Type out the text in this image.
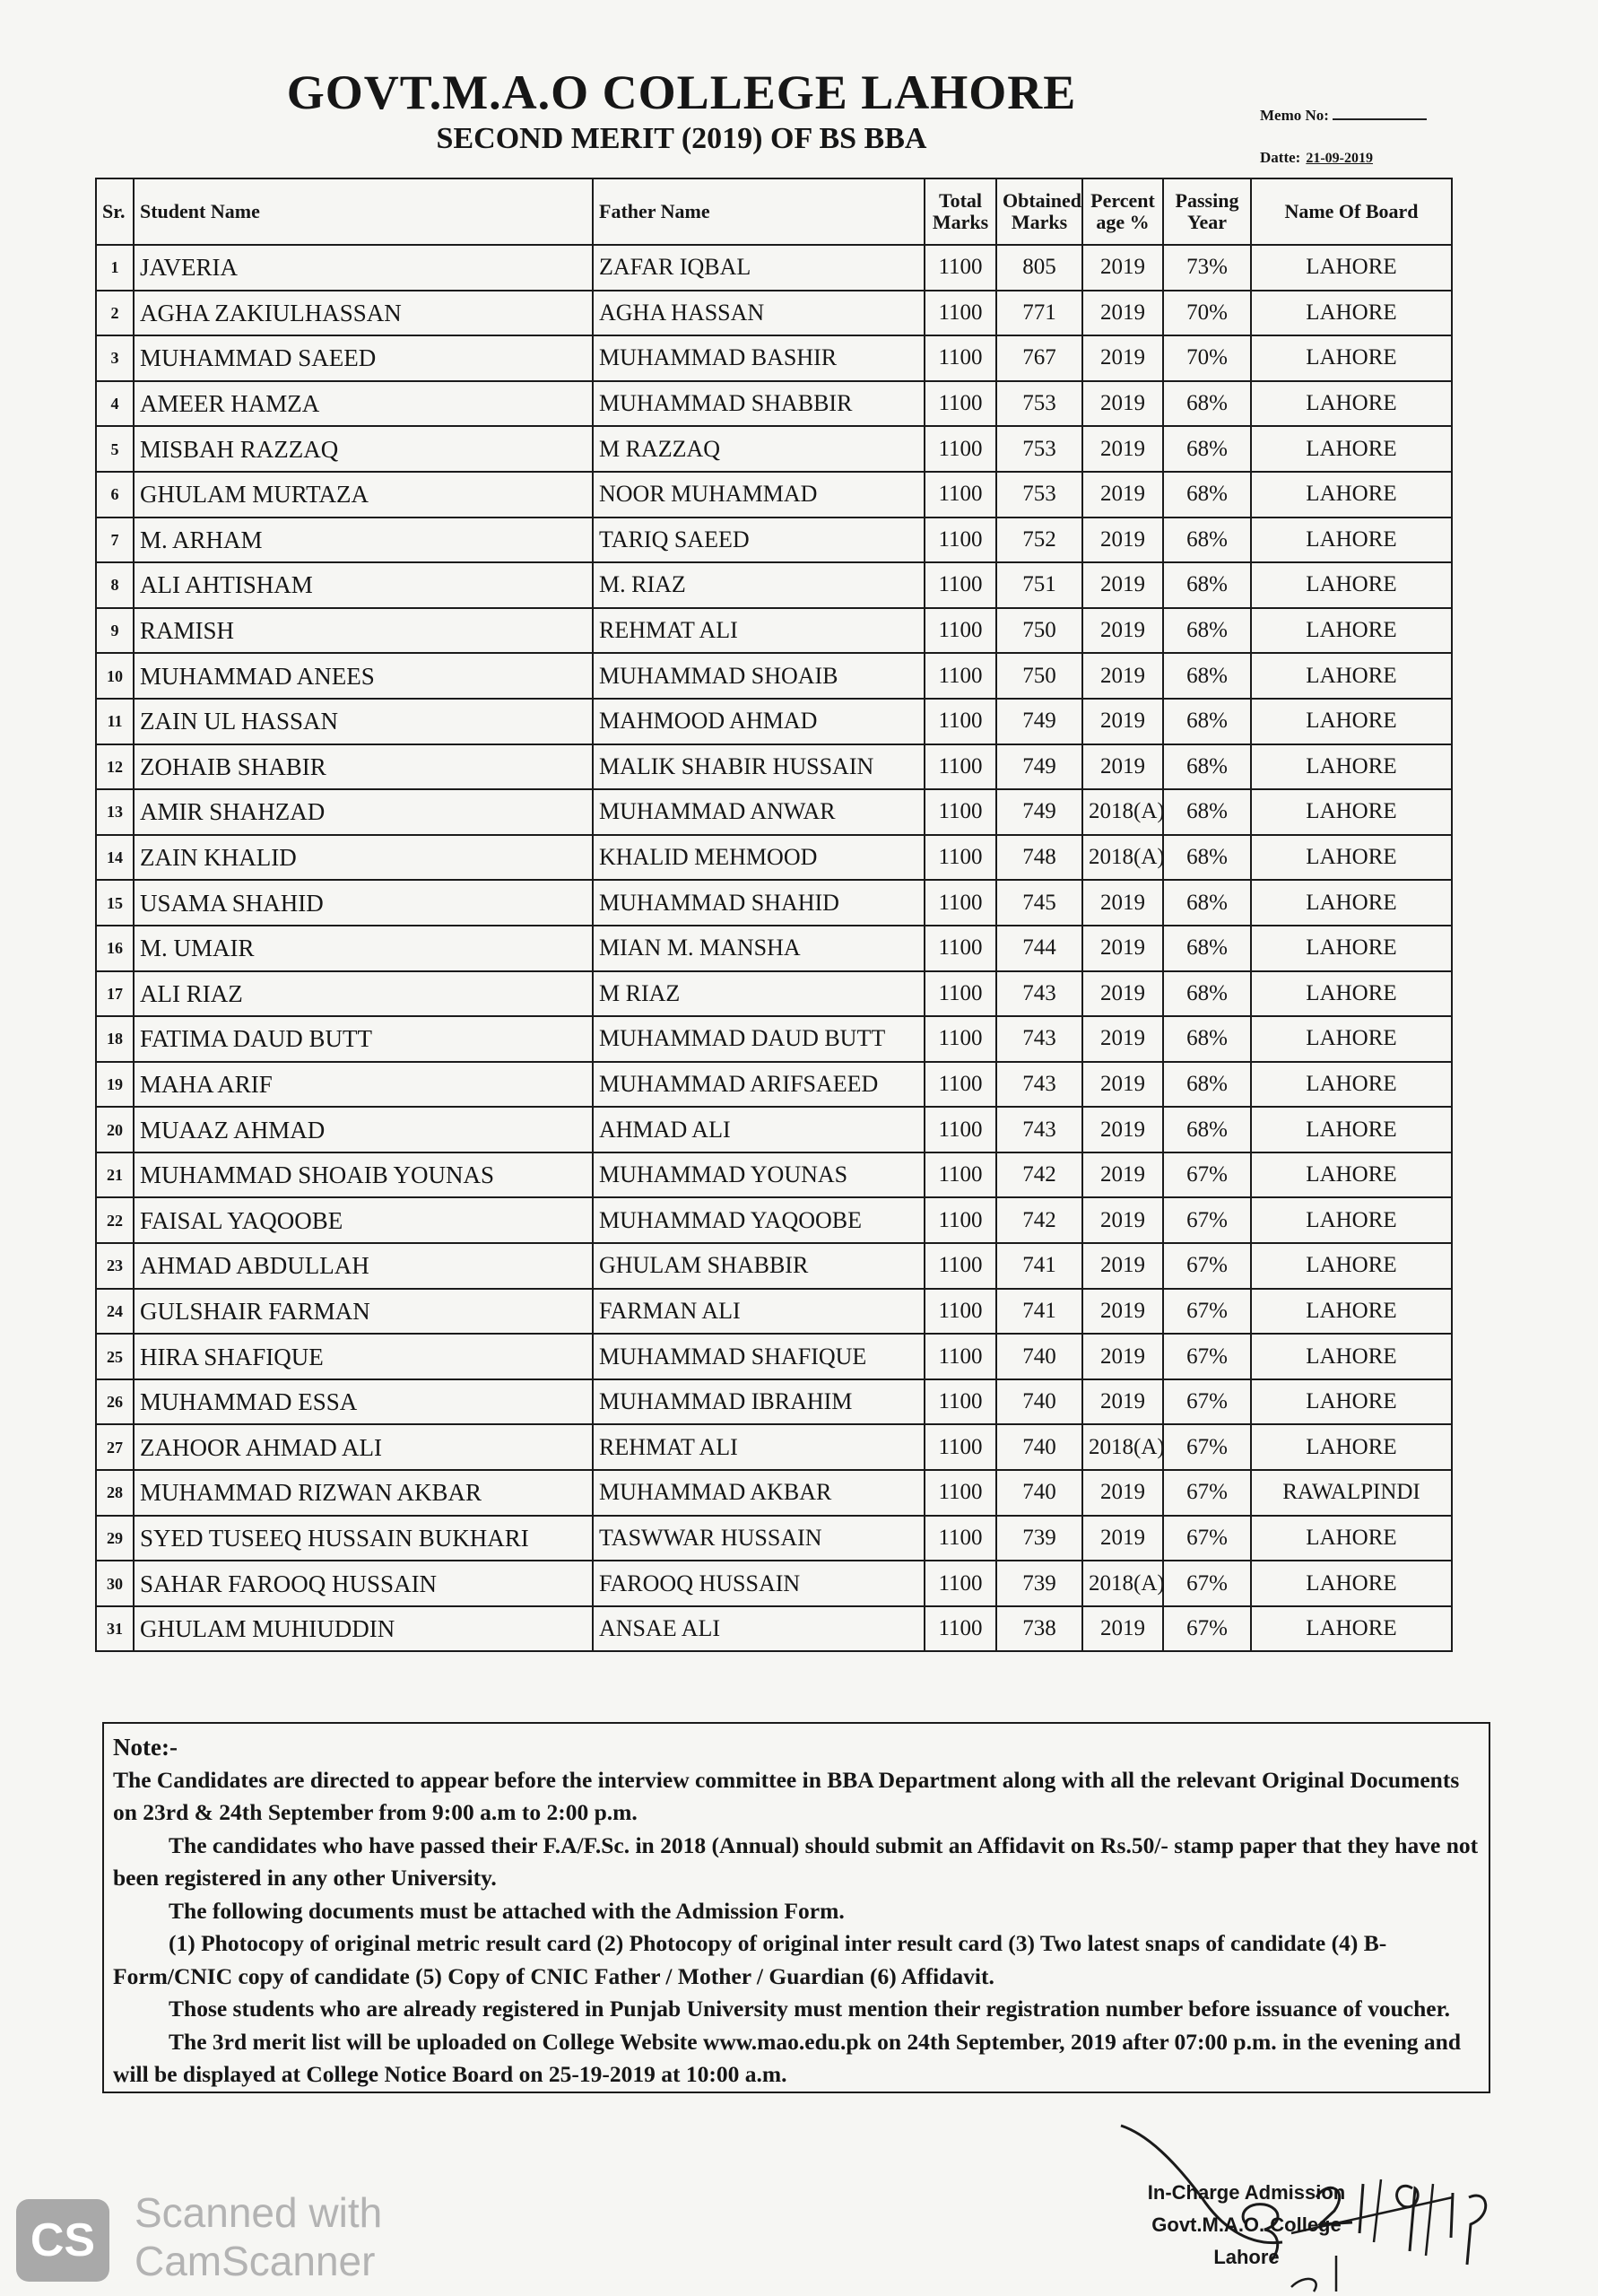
GOVT.M.A.O COLLEGE LAHORE
SECOND MERIT (2019) OF BS BBA
Memo No:
Datte: 21-09-2019
Sr.	Student Name	Father Name	Total Marks	Obtained Marks	Percent age %	Passing Year	Name Of Board
1	JAVERIA	ZAFAR IQBAL	1100	805	2019	73%	LAHORE
2	AGHA ZAKIULHASSAN	AGHA HASSAN	1100	771	2019	70%	LAHORE
3	MUHAMMAD SAEED	MUHAMMAD BASHIR	1100	767	2019	70%	LAHORE
4	AMEER HAMZA	MUHAMMAD SHABBIR	1100	753	2019	68%	LAHORE
5	MISBAH RAZZAQ	M RAZZAQ	1100	753	2019	68%	LAHORE
6	GHULAM MURTAZA	NOOR MUHAMMAD	1100	753	2019	68%	LAHORE
7	M. ARHAM	TARIQ SAEED	1100	752	2019	68%	LAHORE
8	ALI AHTISHAM	M. RIAZ	1100	751	2019	68%	LAHORE
9	RAMISH	REHMAT ALI	1100	750	2019	68%	LAHORE
10	MUHAMMAD ANEES	MUHAMMAD SHOAIB	1100	750	2019	68%	LAHORE
11	ZAIN UL HASSAN	MAHMOOD AHMAD	1100	749	2019	68%	LAHORE
12	ZOHAIB SHABIR	MALIK SHABIR HUSSAIN	1100	749	2019	68%	LAHORE
13	AMIR SHAHZAD	MUHAMMAD ANWAR	1100	749	2018(A)	68%	LAHORE
14	ZAIN KHALID	KHALID MEHMOOD	1100	748	2018(A)	68%	LAHORE
15	USAMA SHAHID	MUHAMMAD SHAHID	1100	745	2019	68%	LAHORE
16	M. UMAIR	MIAN M. MANSHA	1100	744	2019	68%	LAHORE
17	ALI RIAZ	M RIAZ	1100	743	2019	68%	LAHORE
18	FATIMA DAUD BUTT	MUHAMMAD DAUD BUTT	1100	743	2019	68%	LAHORE
19	MAHA ARIF	MUHAMMAD ARIFSAEED	1100	743	2019	68%	LAHORE
20	MUAAZ AHMAD	AHMAD ALI	1100	743	2019	68%	LAHORE
21	MUHAMMAD SHOAIB YOUNAS	MUHAMMAD YOUNAS	1100	742	2019	67%	LAHORE
22	FAISAL YAQOOBE	MUHAMMAD YAQOOBE	1100	742	2019	67%	LAHORE
23	AHMAD ABDULLAH	GHULAM SHABBIR	1100	741	2019	67%	LAHORE
24	GULSHAIR FARMAN	FARMAN ALI	1100	741	2019	67%	LAHORE
25	HIRA SHAFIQUE	MUHAMMAD SHAFIQUE	1100	740	2019	67%	LAHORE
26	MUHAMMAD ESSA	MUHAMMAD IBRAHIM	1100	740	2019	67%	LAHORE
27	ZAHOOR AHMAD ALI	REHMAT ALI	1100	740	2018(A)	67%	LAHORE
28	MUHAMMAD RIZWAN AKBAR	MUHAMMAD AKBAR	1100	740	2019	67%	RAWALPINDI
29	SYED TUSEEQ HUSSAIN BUKHARI	TASWWAR HUSSAIN	1100	739	2019	67%	LAHORE
30	SAHAR FAROOQ HUSSAIN	FAROOQ HUSSAIN	1100	739	2018(A)	67%	LAHORE
31	GHULAM MUHIUDDIN	ANSAE ALI	1100	738	2019	67%	LAHORE

Note:-

The Candidates are directed to appear before the interview committee in BBA Department along with all the relevant Original Documents on 23rd & 24th September from 9:00 a.m to 2:00 p.m.

The candidates who have passed their F.A/F.Sc. in 2018 (Annual) should submit an Affidavit on Rs.50/- stamp paper that they have not been registered in any other University.

The following documents must be attached with the Admission Form.

(1) Photocopy of original metric result card (2) Photocopy of original inter result card (3) Two latest snaps of candidate (4) B-Form/CNIC copy of candidate (5) Copy of CNIC Father / Mother / Guardian (6) Affidavit.

Those students who are already registered in Punjab University must mention their registration number before issuance of voucher.

The 3rd merit list will be uploaded on College Website www.mao.edu.pk on 24th September, 2019 after 07:00 p.m. in the evening and will be displayed at College Notice Board on 25-19-2019 at 10:00 a.m.

In-Charge Admission
Govt.M.A.O. College
Lahore
CS
Scanned with
CamScanner
